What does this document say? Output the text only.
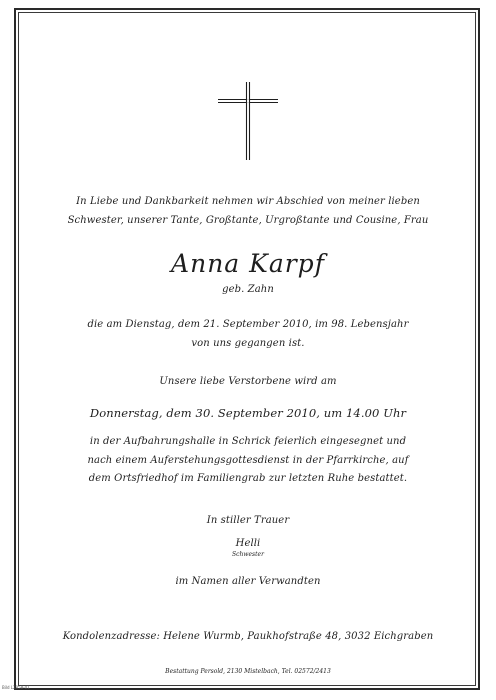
In Liebe und Dankbarkeit nehmen wir Abschied von meiner lieben
Schwester, unserer Tante, Großtante, Urgroßtante und Cousine, Frau
Anna Karpf
geb. Zahn
die am Dienstag, dem 21. September 2010, im 98. Lebensjahr
von uns gegangen ist.
Unsere liebe Verstorbene wird am
Donnerstag, dem 30. September 2010, um 14.00 Uhr
in der Aufbahrungshalle in Schrick feierlich eingesegnet und
nach einem Auferstehungsgottesdienst in der Pfarrkirche, auf
dem Ortsfriedhof im Familiengrab zur letzten Ruhe bestattet.
In stiller Trauer
Helli
Schwester
im Namen aller Verwandten
Kondolenzadresse: Helene Wurmb, Paukhofstraße 48, 3032 Eichgraben
Bestattung Persold, 2130 Mistelbach, Tel. 02572/2413
Bild L2858-01
